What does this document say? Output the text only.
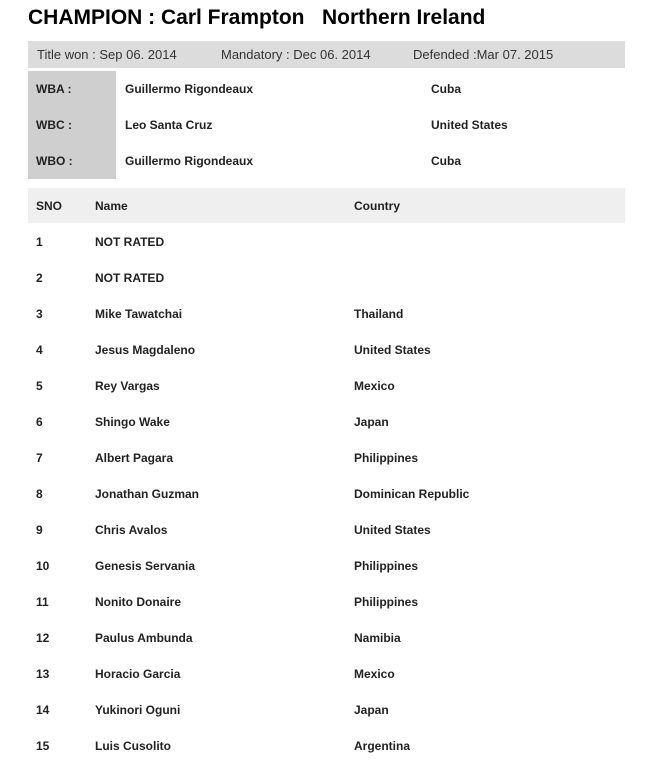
CHAMPION : Carl Frampton   Northern Ireland
Title won : Sep 06. 2014	Mandatory : Dec 06. 2014	Defended :Mar 07. 2015
WBA :	Guillermo Rigondeaux	Cuba
WBC :	Leo Santa Cruz	United States
WBO :	Guillermo Rigondeaux	Cuba
SNO	Name	Country
1	NOT RATED
2	NOT RATED
3	Mike Tawatchai	Thailand
4	Jesus Magdaleno	United States
5	Rey Vargas	Mexico
6	Shingo Wake	Japan
7	Albert Pagara	Philippines
8	Jonathan Guzman	Dominican Republic
9	Chris Avalos	United States
10	Genesis Servania	Philippines
11	Nonito Donaire	Philippines
12	Paulus Ambunda	Namibia
13	Horacio Garcia	Mexico
14	Yukinori Oguni	Japan
15	Luis Cusolito	Argentina
